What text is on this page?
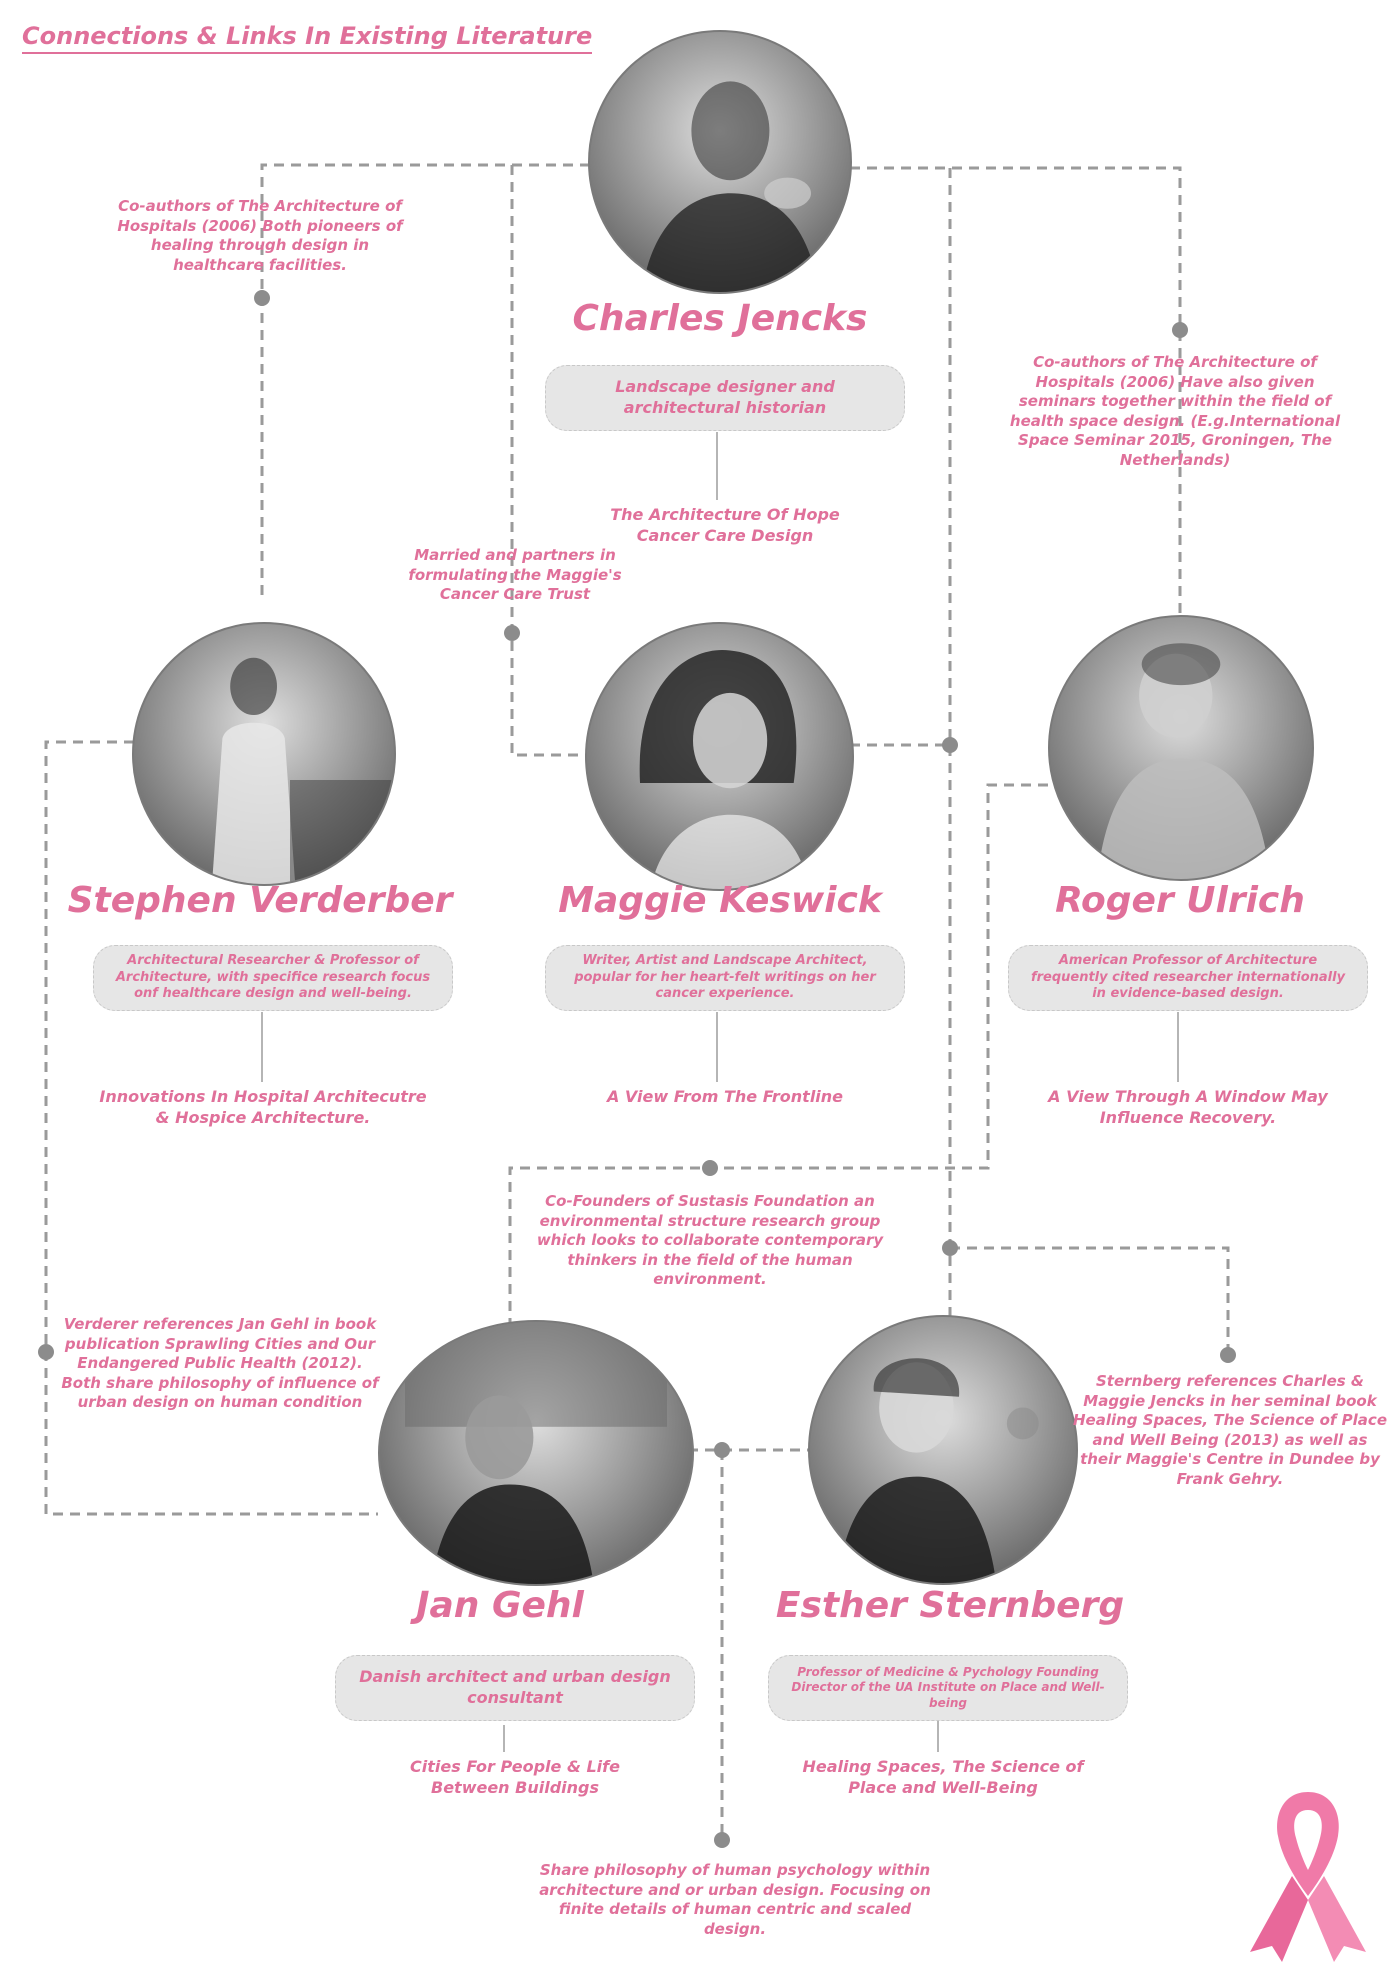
Connections & Links In Existing Literature
Charles Jencks
Landscape designer and architectural historian
The Architecture Of Hope Cancer Care Design
Stephen Verderber
Architectural Researcher & Professor of Architecture, with specifice research focus onf healthcare design and well-being.
Innovations In Hospital Architecutre & Hospice Architecture.
Maggie Keswick
Writer, Artist and Landscape Architect, popular for her heart-felt writings on her cancer experience.
A View From The Frontline
Roger Ulrich
American Professor of Architecture frequently cited researcher internationally in evidence-based design.
A View Through A Window May Influence Recovery.
Jan Gehl
Danish architect and urban design consultant
Cities For People & Life Between Buildings
Esther Sternberg
Professor of Medicine & Pychology Founding Director of the UA Institute on Place and Well-being
Healing Spaces, The Science of Place and Well-Being
Co-authors of The Architecture of Hospitals (2006) Both pioneers of healing through design in healthcare facilities.
Co-authors of The Architecture of Hospitals (2006) Have also given seminars together within the field of health space design. (E.g.International Space Seminar 2015, Groningen, The Netherlands)
Married and partners in formulating the Maggie's Cancer Care Trust
Co-Founders of Sustasis Foundation an environmental structure research group which looks to collaborate contemporary thinkers in the field of the human environment.
Verderer references Jan Gehl in book publication Sprawling Cities and Our Endangered Public Health (2012). Both share philosophy of influence of urban design on human condition
Sternberg references Charles & Maggie Jencks in her seminal book Healing Spaces, The Science of Place and Well Being (2013) as well as their Maggie's Centre in Dundee by Frank Gehry.
Share philosophy of human psychology within architecture and or urban design. Focusing on finite details of human centric and scaled design.
